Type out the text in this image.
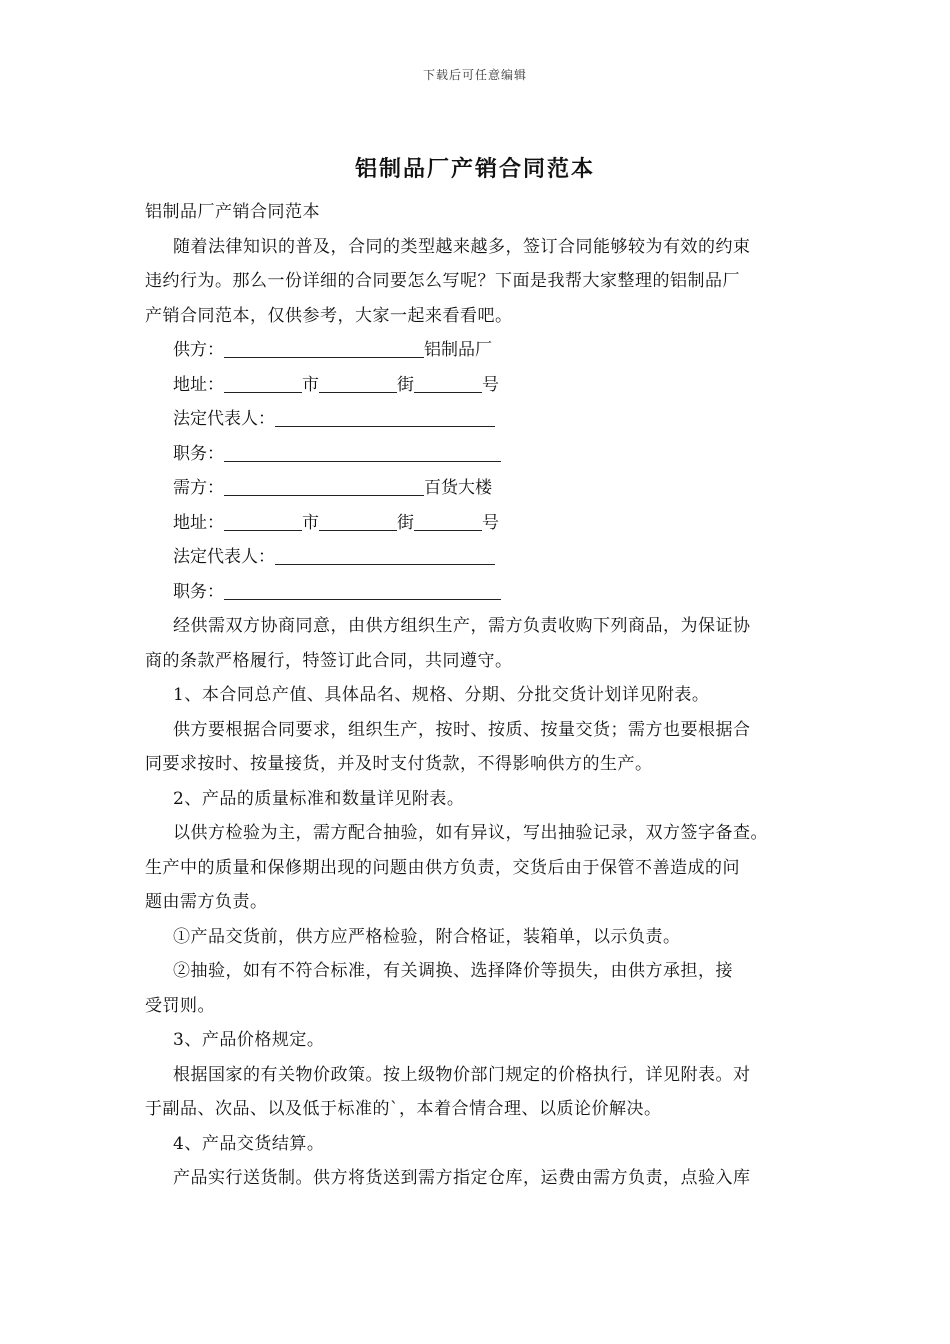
下载后可任意编辑
铝制品厂产销合同范本
铝制品厂产销合同范本
随着法律知识的普及，合同的类型越来越多，签订合同能够较为有效的约束
违约行为。那么一份详细的合同要怎么写呢？下面是我帮大家整理的铝制品厂
产销合同范本，仅供参考，大家一起来看看吧。
供方：	铝制品厂
地址：	市	街	号
法定代表人：
职务：
需方：	百货大楼
地址：	市	街	号
法定代表人：
职务：
经供需双方协商同意，由供方组织生产，需方负责收购下列商品，为保证协
商的条款严格履行，特签订此合同，共同遵守。
1、本合同总产值、具体品名、规格、分期、分批交货计划详见附表。
供方要根据合同要求，组织生产，按时、按质、按量交货；需方也要根据合
同要求按时、按量接货，并及时支付货款，不得影响供方的生产。
2、产品的质量标准和数量详见附表。
以供方检验为主，需方配合抽验，如有异议，写出抽验记录，双方签字备查。
生产中的质量和保修期出现的问题由供方负责，交货后由于保管不善造成的问
题由需方负责。
①产品交货前，供方应严格检验，附合格证，装箱单，以示负责。
②抽验，如有不符合标准，有关调换、选择降价等损失，由供方承担，接
受罚则。
3、产品价格规定。
根据国家的有关物价政策。按上级物价部门规定的价格执行，详见附表。对
于副品、次品、以及低于标准的`，本着合情合理、以质论价解决。
4、产品交货结算。
产品实行送货制。供方将货送到需方指定仓库，运费由需方负责，点验入库
